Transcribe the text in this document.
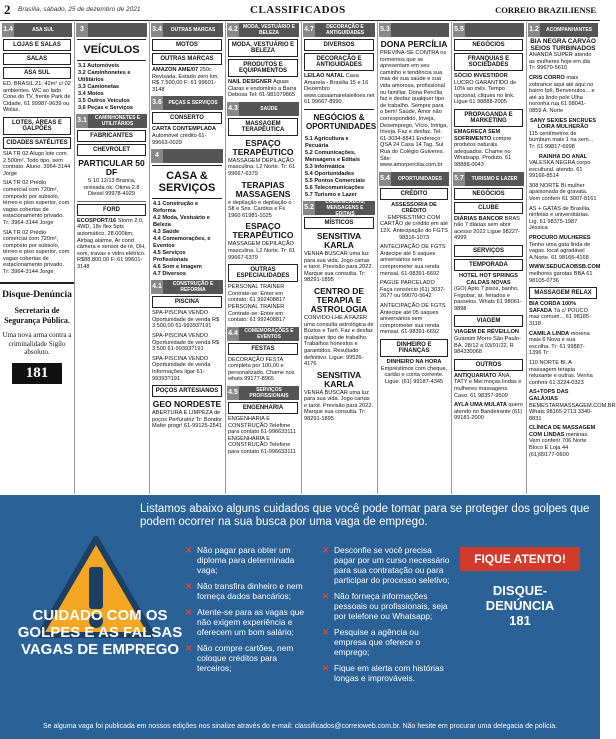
2 Brasília, sábado, 25 de dezembro de 2021	CLASSIFICADOS	CORREIO BRAZILIENSE
1.4	ASA SUL
LOJAS E SALAS
SALAS
ASA SUL
ED. BRASIL 21: 42m² c/ 02 ambientes. WC ao lado Cone do TV, frente Park de Cidade, 61 99987-9639 ou Wolax.
LOTES, ÁREAS E GALPÕES
CIDADES SATÉLITES
SIA TR 02 Alugo lote com 2.500m². Todo tipo, sem contrato. Aluno. 3964-3144 Jorge
SIA TR 02 Prédio comercial com 720m², composto por subsolo, térreo e piso superior, com vagas cobertas de estacionamento privado. Tr: 3964-3144 Jorge
SIA TR 02 Prédio comercial com 720m², composto por subsolo, térreo e piso superior, com vagas cobertas de estacionamento privado. Tr: 3964-3144 Jorge
3
VEÍCULOS
3.1 Automóveis
3.2 Caminhonetes e Utilitários
3.3 Camionetas
3.4 Motos
3.5 Outros Veículos
3.6 Peças e Serviços
3.1	CAMINHONETES E UTILITÁRIOS
FABRICANTES
CHEVROLET
PARTICULAR 50 DF
S 10 12/13 Branca, revisada ok. Otima 2.8 Diesel 99978-4929
FORD
ECOSPORT/16 Storm 2.0, 4WD, 18v flex 5pts automático, 28.000km, Airbag alarme, Ar cond câmera e sensor de ré, DH, som, travas e vidro elétrico. R$88.800,00 F: 61 99601-3148
3.4	OUTRAS MARCAS
MOTOS
OUTRAS MARCAS
AMAZON AME/07 250c Revisada. Estado zero km, R$ 7.500,00 F: 61 99601-3148
3.6	PEÇAS E SERVIÇOS
CONSERTO
CARTA CONTEMPLADA Automóvel crédito 61-99663-0029
4
CASA & SERVIÇOS
4.1 Construção e Reforma
4.2 Moda, Vestuário e Beleza
4.3 Saúde
4.4 Comemorações, e Eventos
4.5 Serviços Profissionais
4.6 Som e Imagem
4.7 Diversos
4.1	CONSTRUÇÃO E REFORMA
PISCINA
SPA-PISCINA VENDO Oportunidade de venda R$ 3.500,00 61-99393?191
SPA-PISCINA VENDO Oportunidade de venda R$ 3.500 61-99393?191
SPA-PISCINA VENDO Oportunidade de venda Informações ligar 61-99393?191
POÇOS ARTESIANOS
GEO NORDESTE
ABERTURA E LIMPEZA de poços Perfuratriz Tr: Bondor Mafer progr! 61-99125-2541
4.2	MODA, VESTUÁRIO E BELEZA
MODA, VESTUÁRIO E BELEZA
PRODUTOS E EQUIPAMENTOS
NAIL DESIGNER Aguas Claras e endomínio a Barra Debosa Tel: 61-981079865
4.3	SAÚDE
MASSAGEM TERAPÊUTICA
ESPAÇO TERAPÊUTICO
MASSAGEM DEPILAÇÃO masculina. L2 Norte. Tr: 61 99667-6379
TERAPIAS MASSAGENS
e depilação e depilação o Sfl e Sns. Cardios e Fs 1960 61981-1025
ESPAÇO TERAPÊUTICO
MASSAGEM DEPILAÇÃO masculina. L2 Norte. Tr: 61 99667-6379
OUTRAS ESPECIALIDADES
PERSONAL TRAINER Contrate-se: Enter em contato: 61 992408817 PERSONAL TRAINER Contrate-se: Enter em contato: 61 992408817
4.4	COMEMORAÇÕES E EVENTOS
FESTAS
DECORAÇÃO FESTA completa por 100,00 e personalizado. Chame nos whats 99177-8965
4.5	SERVIÇOS PROFISSIONAIS
ENGENHARIA
ENGENHARIA E CONSTRUÇÃO Telefone para contato 61-996633111 ENGENHARIA E CONSTRUÇÃO Telefone para contato 61-996633111
4.7	DECORAÇÃO E ANTIGUIDADES
DIVERSOS
DECORAÇÃO E ANTIGUIDADES
LEILAO NATAL Casa Amarela - Brasilia 15 e 16 Dezembro www.casaamarelaleiloes.net 61 99667-8990
NEGÓCIOS & OPORTUNIDADES
5.1 Agricultura e Pecuária
5.2 Comunicações, Mensagens e Editais
5.3 Informática
5.4 Oportunidades
5.5 Pontos Comerciais
5.6 Telecomunicações
5.7 Turismo e Lazer
5.2
COMUNICADOS, MENSAGENS E EDITAIS
MÍSTICOS
SENSITIVA KARLA
VENHA BUSCAR uma luz para sua vida. Jogo cartas e tarot. Previsão para 2022. Marque sua consulta. Tr: 98291-1895
CENTRO DE TERAPIA E ASTROLOGIA
CONVIDO-LHE A FAZER uma consulta astrológica de Búzios e Tarô. Faz e desfaz qualquer tipo de trabalho. Trabalhos honestos e garantidos. Resultado definitivo. Ligue: 99526-4176
SENSITIVA KARLA
VENHA BUSCAR uma luz para sua vida. Jogo cartas e tarot. Previsão para 2022. Marque sua consulta. Tr: 98291-1895
5.3
DONA PERCÍLIA
PREVINA-SE CONTRA os tormentos que se apresentam em seu caminho e tendência sua mas de sua saúde e sua vida amorosa, profissional ou familiar. Dona Percília faz e desfaz qualquer tipo de trabalho. Sempre para o bem! Saúde, Amor não correspondido, Inveja, Desemprego, Vício, Intriga, Inveja. Faz e desfaz. Tel: 61-3034-8841 Endereço: QSA 24 Casa 14 Tag. Sul Rua do Colégio Guiveres. Site: www.amorpercilia.com.br
5.4	OPORTUNIDADES
CRÉDITO
ASSESSORIA DE CRÉDITO
EMPRESTIMO COM CARTÃO de crédito em até 12X. Antecipação do FGTS 98316-1073
ANTECIPAÇÃO DE FGTS Antecipe até 5 saques aniversários sem comprometer sua renda mensal. 61-98391-6692
PAGUE PARCELADO Faça consórcio (61) 3037-2677 ou 99070-5642
ANTECIPAÇÃO DE FGTS Antecipe até 05 saques aniversários sem comprometer sua renda mensal. 61-98391-6692
DINHEIRO E FINANÇAS
DINHEIRO NA HORA
Empréstimos com cheque, cartão e conta corrente. Ligue. (61) 99187-4345
5.5
NEGÓCIOS
FRANQUIAS E SOCIEDADES
SÓCIO INVESTIDOR LUCRO GARANTIDO de 10% ao mês. Tempo opcional, cliques no link. Ligue 61 98888-2005
PROPAGANDA E MARKETING
EMAGREÇA SEM SOFRIMENTO compre produtos naturais adequados. Chame no Whatsapp. Produto. 61 98888-0043
5.7	TURISMO E LAZER
NEGÓCIOS
CLUBE
DIÁRIAS BANCOR BRAS hão 7 diárias sem abrir acesso 2022 Ligue 98227-4999
SERVIÇOS
TEMPORADA
HOTEL HOT SPRINGS CALDAS NOVAS
(GO) Apto 7 pisos, banho, Frigobar, ar, feriados e passeios. Whats 61 98061-9898
VIAGEM
VIAGEM DE RÉVEILLON Guaraim Morro São Paulo-BA. 28/12 a 03/01/22. R 984330068
OUTROS
ANTIQUARIATO ÂNA, TATY e Mei moças lindas e mulheres massagens. Caso. 61 98357-9509
AYLA UMA MULATA quero atendo no Bandeirante (61) 99181-2000
1.2	ACOMPANHANTES
BIA NEGRA CARVÃO SEIOS TURBINADOS
ANANDA SUPER atendo as mulheres hoje em dia Tr: 99670-5610
CRIS CORRO mais sobrance aqui até aqui no bairro Ipê, Benvenutos... e até as lindo pele Ulha noronha rua 61 98041-0859 A. Norte
SANY SEXIES ENCRUES LOIRA MULHERÃO
115 centímetros de bumbum mais 1 na sem... Tr: 61 99817-6998
RAINHA DO ANAL
VALESKA NEGRA corpo escultural. atendo. 61 99166-8514
308 NORTE Bi mulher apaixonada de gravata. Vem conferir 61 3007-8161
AS + GATAS de Brasília, ninfetas e universitárias. Lig. 61 98375-1987 Jéssica
PROCURO MULHERES Tenho uma gata linda de vagas. local agradável A.Norte. 61 98166-4168
WWW.SEDUCAOBSB.COM melhores garotas BBA 61 98105-0736
MASSAGEM RELAX
BIA CORDA 100% SAFADA Tá c/ POUCO mas comum... 61 98185-3118
CAMILA LINDA morena mais 6 Nova e sua escolha. Tr: 61 99887-1396 Tr:
110 NORTE Bl. A massagem terapia reluxante e outras. Venha conferir 61 3224-0323
AS+TOPS DAS GALÁXIAS BEMESTARMASSAGEM.COM.BR Whats 98165-2713 3340-8831
CLÍNICA DE MASSAGEM COM LINDAS meninas. Vem conferir 706 Norte Bloco E Loja 44 (61)99177-0600
Disque-Denúncia
Secretaria de Segurança Pública.
Uma nova arma contra a criminalidade Sigilo absoluto.
181
Listamos abaixo alguns cuidados que você pode tomar para se proteger dos golpes que podem ocorrer na sua busca por uma vaga de emprego.
CUIDADO COM OS GOLPES E AS FALSAS VAGAS DE EMPREGO
✕ Não pagar para obter um diploma para determinada vaga;
✕ Não transfira dinheiro e nem forneça dados bancários;
✕ Atente-se para as vagas que não exigem experiência e oferecem um bom salário;
✕ Não compre cartões, nem coloque créditos para terceiros;
✕ Desconfie se você precisa pagar por um curso necessário para sua contratação ou para participar do processo seletivo;
✕ Não forneça informações pessoais ou profissionais, seja por telefone ou Whatsapp;
✕ Pesquise a agência ou empresa que oferece o emprego;
✕ Fique em alerta com histórias longas e improváveis.
FIQUE ATENTO!
DISQUE-DENÚNCIA
181
Se alguma vaga foi publicada em nossos edições nos sinalize através do e-mail: classificados@correioweb.com.br. Não hesite em procurar uma delegacia de polícia.
